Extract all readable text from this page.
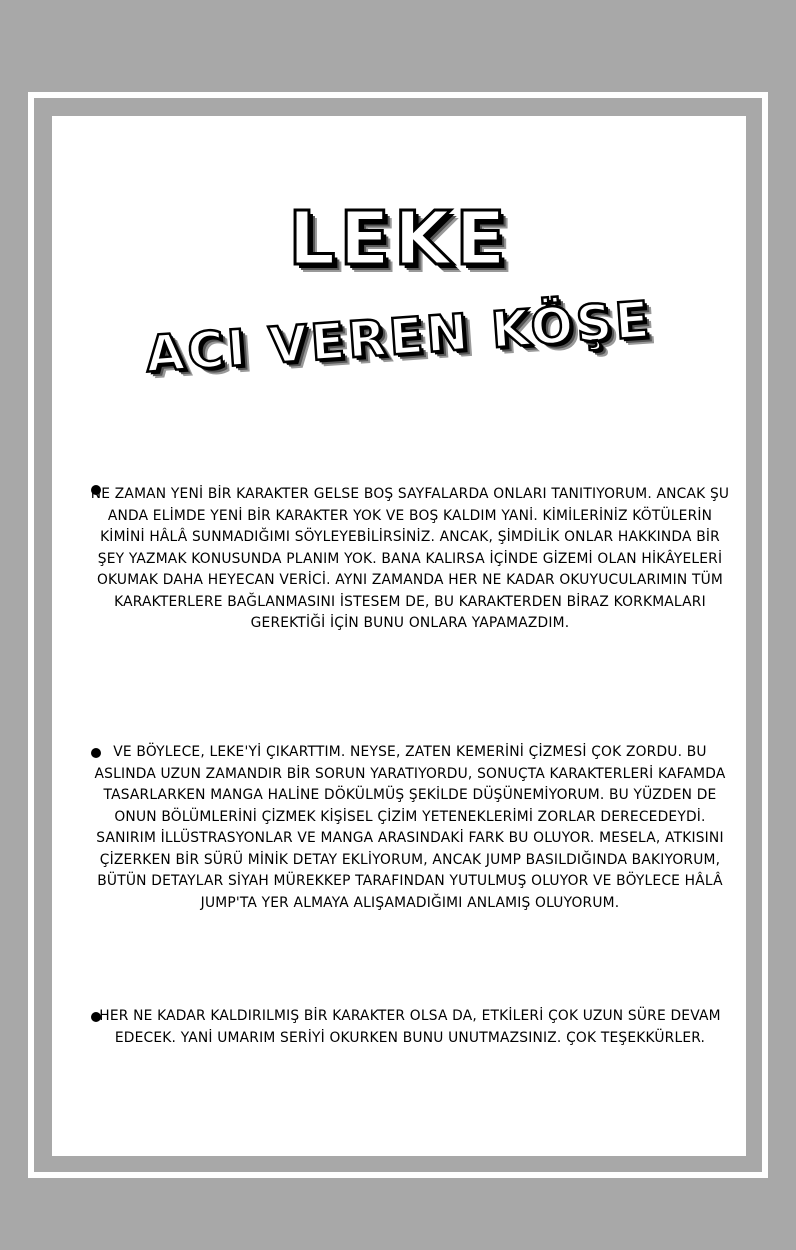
LEKE
ACI VEREN KÖŞE
NE ZAMAN YENİ BİR KARAKTER GELSE BOŞ SAYFALARDA ONLARI TANITIYORUM. ANCAK ŞU ANDA ELİMDE YENİ BİR KARAKTER YOK VE BOŞ KALDIM YANİ. KİMİLERİNİZ KÖTÜLERİN KİMİNİ HÂLÂ SUNMADIĞIMI SÖYLEYEBİLİRSİNİZ. ANCAK, ŞİMDİLİK ONLAR HAKKINDA BİR ŞEY YAZMAK KONUSUNDA PLANIM YOK. BANA KALIRSA İÇİNDE GİZEMİ OLAN HİKÂYELERİ OKUMAK DAHA HEYECAN VERİCİ. AYNI ZAMANDA HER NE KADAR OKUYUCULARIMIN TÜM KARAKTERLERE BAĞLANMASINI İSTESEM DE, BU KARAKTERDEN BİRAZ KORKMALARI GEREKTİĞİ İÇİN BUNU ONLARA YAPAMAZDIM.
VE BÖYLECE, LEKE'Yİ ÇIKARTTIM. NEYSE, ZATEN KEMERİNİ ÇİZMESİ ÇOK ZORDU. BU ASLINDA UZUN ZAMANDIR BİR SORUN YARATIYORDU, SONUÇTA KARAKTERLERİ KAFAMDA TASARLARKEN MANGA HALİNE DÖKÜLMÜŞ ŞEKİLDE DÜŞÜNEMİYORUM. BU YÜZDEN DE ONUN BÖLÜMLERİNİ ÇİZMEK KİŞİSEL ÇİZİM YETENEKLERİMİ ZORLAR DERECEDEYDİ. SANIRIM İLLÜSTRASYONLAR VE MANGA ARASINDAKİ FARK BU OLUYOR. MESELA, ATKISINI ÇİZERKEN BİR SÜRÜ MİNİK DETAY EKLİYORUM, ANCAK JUMP BASILDIĞINDA BAKIYORUM, BÜTÜN DETAYLAR SİYAH MÜREKKEP TARAFINDAN YUTULMUŞ OLUYOR VE BÖYLECE HÂLÂ JUMP'TA YER ALMAYA ALIŞAMADIĞIMI ANLAMIŞ OLUYORUM.
HER NE KADAR KALDIRILMIŞ BİR KARAKTER OLSA DA, ETKİLERİ ÇOK UZUN SÜRE DEVAM EDECEK. YANİ UMARIM SERİYİ OKURKEN BUNU UNUTMAZSINIZ. ÇOK TEŞEKKÜRLER.
